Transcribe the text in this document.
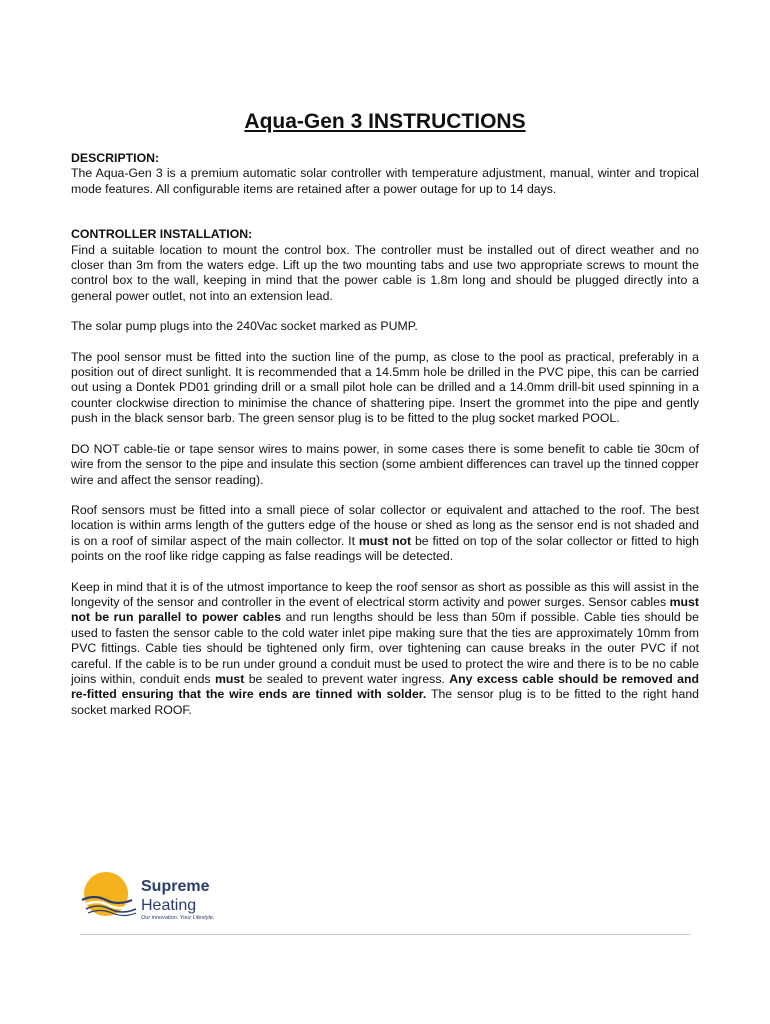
Aqua-Gen 3 INSTRUCTIONS
DESCRIPTION:

The Aqua-Gen 3 is a premium automatic solar controller with temperature adjustment, manual, winter and tropical mode features. All configurable items are retained after a power outage for up to 14 days.

CONTROLLER INSTALLATION:

Find a suitable location to mount the control box. The controller must be installed out of direct weather and no closer than 3m from the waters edge. Lift up the two mounting tabs and use two appropriate screws to mount the control box to the wall, keeping in mind that the power cable is 1.8m long and should be plugged directly into a general power outlet, not into an extension lead.

The solar pump plugs into the 240Vac socket marked as PUMP.

The pool sensor must be fitted into the suction line of the pump, as close to the pool as practical, preferably in a position out of direct sunlight. It is recommended that a 14.5mm hole be drilled in the PVC pipe, this can be carried out using a Dontek PD01 grinding drill or a small pilot hole can be drilled and a 14.0mm drill-bit used spinning in a counter clockwise direction to minimise the chance of shattering pipe. Insert the grommet into the pipe and gently push in the black sensor barb. The green sensor plug is to be fitted to the plug socket marked POOL.

DO NOT cable-tie or tape sensor wires to mains power, in some cases there is some benefit to cable tie 30cm of wire from the sensor to the pipe and insulate this section (some ambient differences can travel up the tinned copper wire and affect the sensor reading).

Roof sensors must be fitted into a small piece of solar collector or equivalent and attached to the roof. The best location is within arms length of the gutters edge of the house or shed as long as the sensor end is not shaded and is on a roof of similar aspect of the main collector. It must not be fitted on top of the solar collector or fitted to high points on the roof like ridge capping as false readings will be detected.

Keep in mind that it is of the utmost importance to keep the roof sensor as short as possible as this will assist in the longevity of the sensor and controller in the event of electrical storm activity and power surges. Sensor cables must not be run parallel to power cables and run lengths should be less than 50m if possible. Cable ties should be used to fasten the sensor cable to the cold water inlet pipe making sure that the ties are approximately 10mm from PVC fittings. Cable ties should be tightened only firm, over tightening can cause breaks in the outer PVC if not careful. If the cable is to be run under ground a conduit must be used to protect the wire and there is to be no cable joins within, conduit ends must be sealed to prevent water ingress. Any excess cable should be removed and re-fitted ensuring that the wire ends are tinned with solder. The sensor plug is to be fitted to the right hand socket marked ROOF.

Supreme
Heating
Our innovation. Your Lifestyle.
